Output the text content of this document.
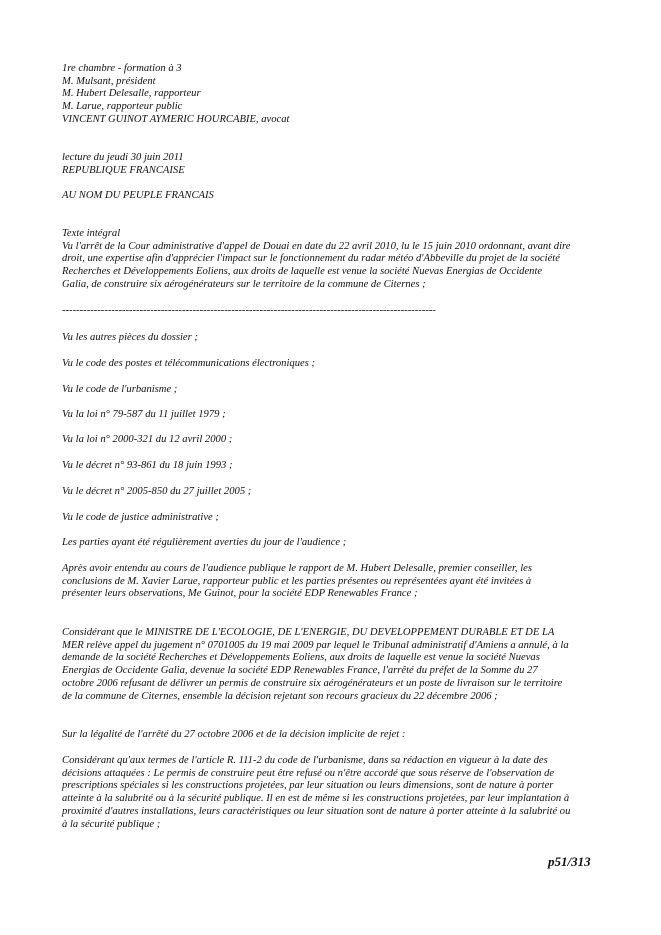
1re chambre - formation à 3
M. Mulsant, président
M. Hubert Delesalle, rapporteur
M. Larue, rapporteur public
VINCENT GUINOT AYMERIC HOURCABIE, avocat
lecture du jeudi 30 juin 2011
REPUBLIQUE FRANCAISE
AU NOM DU PEUPLE FRANCAIS
Texte intégral
Vu l'arrêt de la Cour administrative d'appel de Douai en date du 22 avril 2010, lu le 15 juin 2010 ordonnant, avant dire
droit, une expertise afin d'apprécier l'impact sur le fonctionnement du radar météo d'Abbeville du projet de la société
Recherches et Développements Eoliens, aux droits de laquelle est venue la société Nuevas Energias de Occidente
Galia, de construire six aérogénérateurs sur le territoire de la commune de Citernes ;
----------------------------------------------------------------------------------------------------------
Vu les autres pièces du dossier ;
Vu le code des postes et télécommunications électroniques ;
Vu le code de l'urbanisme ;
Vu la loi n° 79-587 du 11 juillet 1979 ;
Vu la loi n° 2000-321 du 12 avril 2000 ;
Vu le décret n° 93-861 du 18 juin 1993 ;
Vu le décret n° 2005-850 du 27 juillet 2005 ;
Vu le code de justice administrative ;
Les parties ayant été régulièrement averties du jour de l'audience ;
Après avoir entendu au cours de l'audience publique le rapport de M. Hubert Delesalle, premier conseiller, les
conclusions de M. Xavier Larue, rapporteur public et les parties présentes ou représentées ayant été invitées à
présenter leurs observations, Me Guinot, pour la société EDP Renewables France ;
Considérant que le MINISTRE DE L'ECOLOGIE, DE L'ENERGIE, DU DEVELOPPEMENT DURABLE ET DE LA
MER relève appel du jugement n° 0701005 du 19 mai 2009 par lequel le Tribunal administratif d'Amiens a annulé, à la
demande de la société Recherches et Développements Eoliens, aux droits de laquelle est venue la société Nuevas
Energias de Occidente Galia, devenue la société EDP Renewables France, l'arrêté du préfet de la Somme du 27
octobre 2006 refusant de délivrer un permis de construire six aérogénérateurs et un poste de livraison sur le territoire
de la commune de Citernes, ensemble la décision rejetant son recours gracieux du 22 décembre 2006 ;
Sur la légalité de l'arrêté du 27 octobre 2006 et de la décision implicite de rejet :
Considérant qu'aux termes de l'article R. 111-2 du code de l'urbanisme, dans sa rédaction en vigueur à la date des
décisions attaquées : Le permis de construire peut être refusé ou n'être accordé que sous réserve de l'observation de
prescriptions spéciales si les constructions projetées, par leur situation ou leurs dimensions, sont de nature à porter
atteinte à la salubrité ou à la sécurité publique. Il en est de même si les constructions projetées, par leur implantation à
proximité d'autres installations, leurs caractéristiques ou leur situation sont de nature à porter atteinte à la salubrité ou
à la sécurité publique ;
p51/313
